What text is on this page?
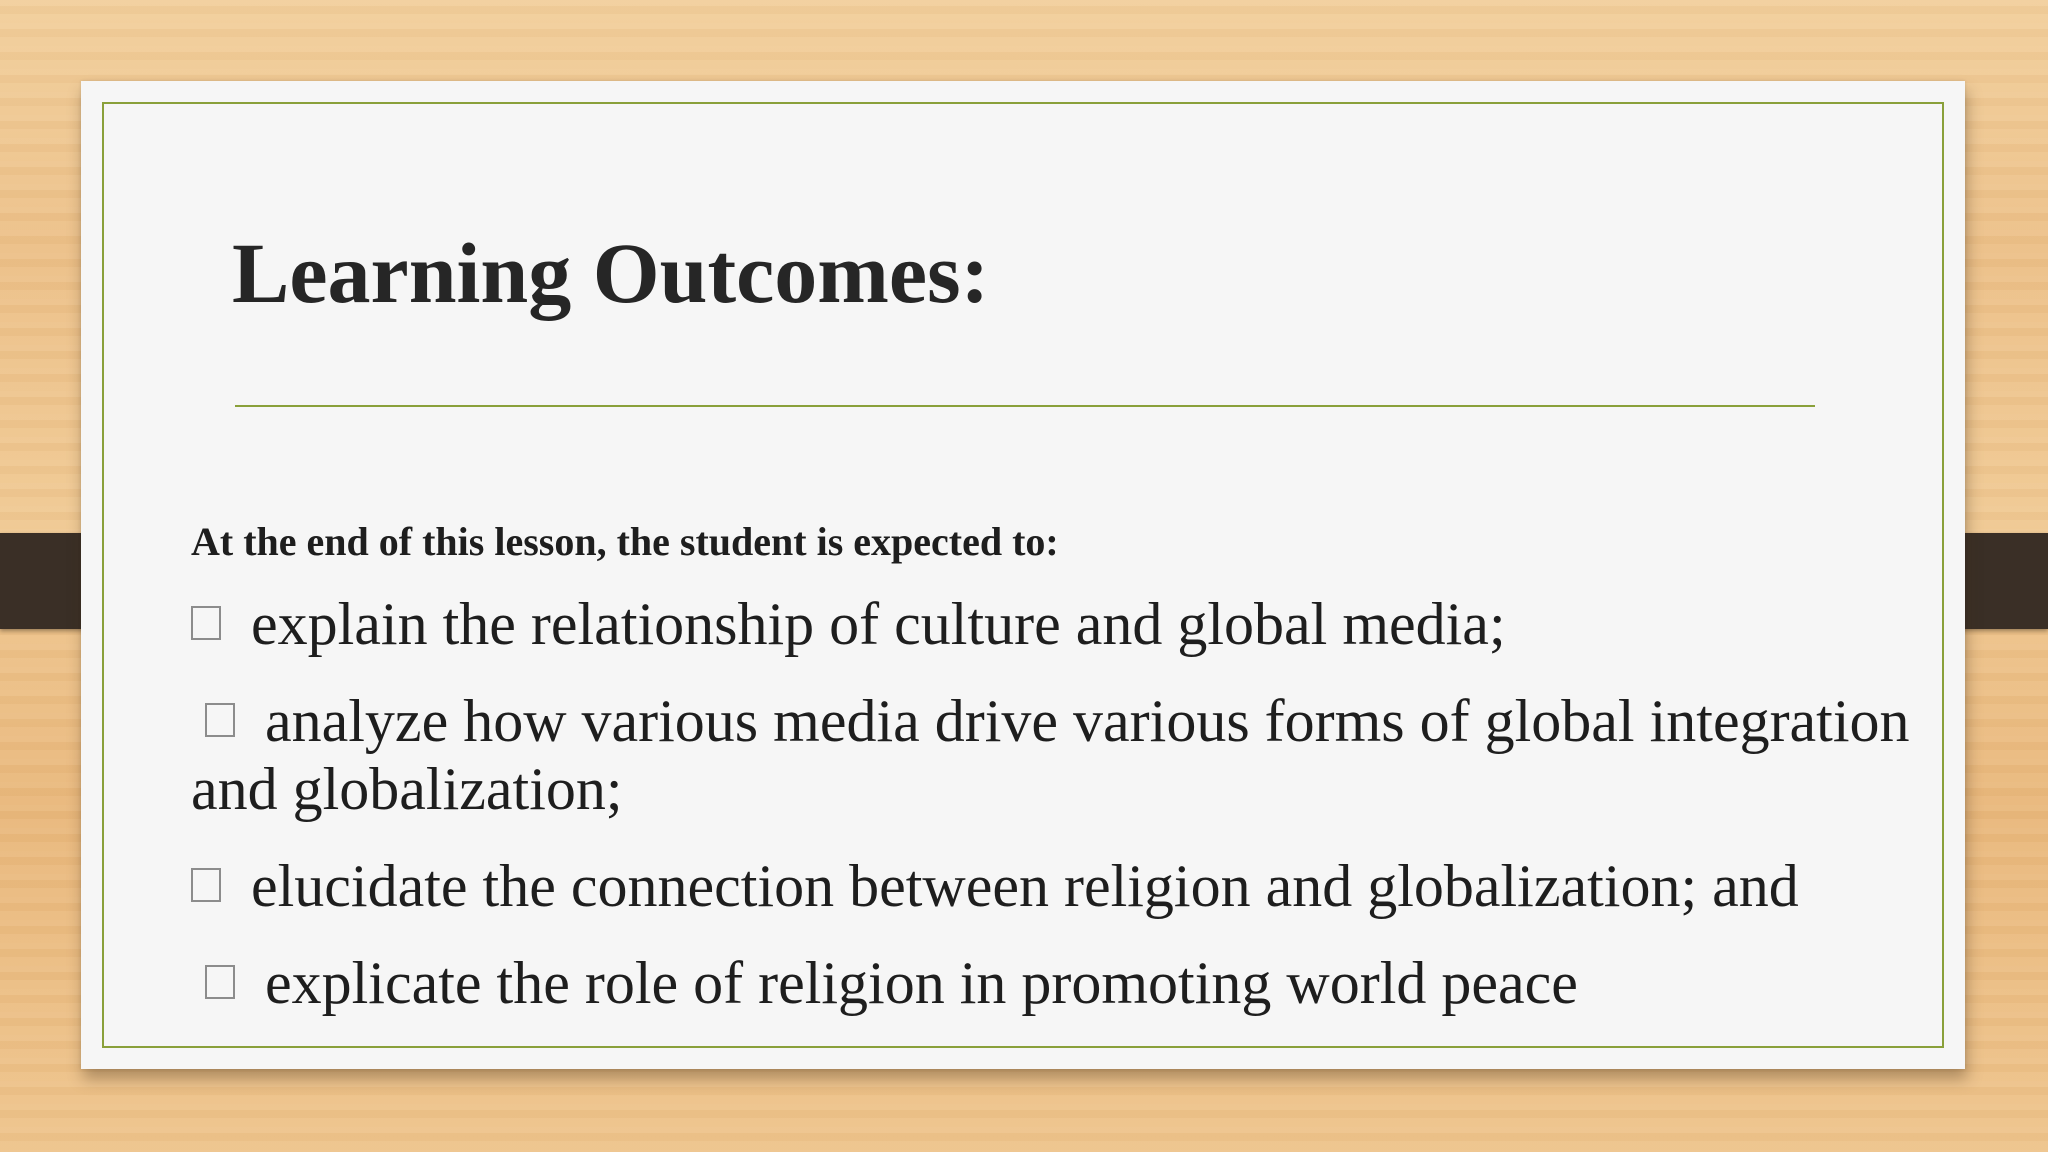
Learning Outcomes:
At the end of this lesson, the student is expected to:
explain the relationship of culture and global media;
analyze how various media drive various forms of global integration and globalization;
elucidate the connection between religion and globalization; and
explicate the role of religion in promoting world peace
